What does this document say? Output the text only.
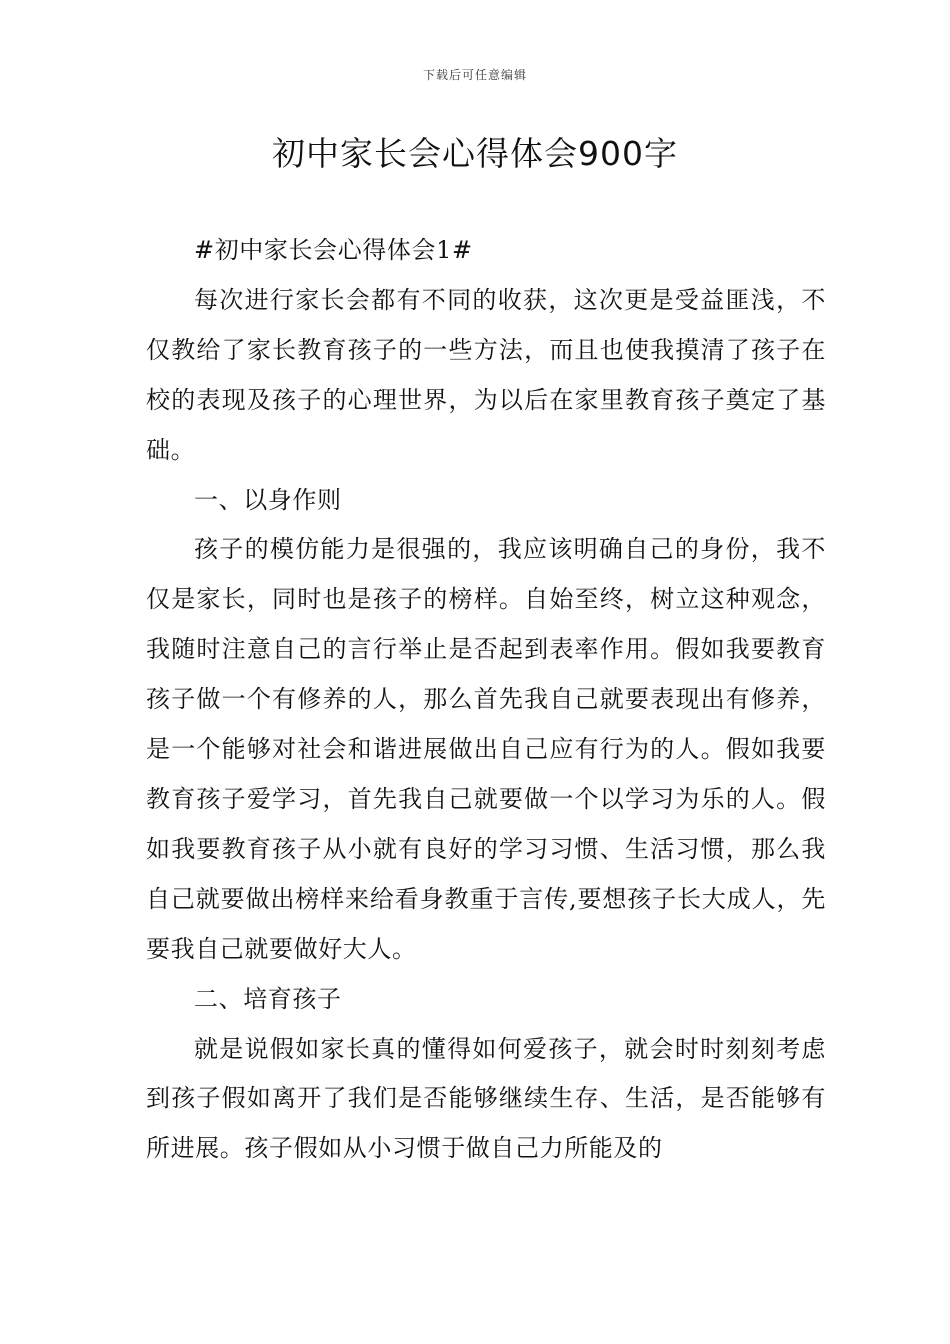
下载后可任意编辑
初中家长会心得体会900字

#初中家长会心得体会1#

每次进行家长会都有不同的收获，这次更是受益匪浅，不仅教给了家长教育孩子的一些方法，而且也使我摸清了孩子在校的表现及孩子的心理世界，为以后在家里教育孩子奠定了基础。

一、以身作则

孩子的模仿能力是很强的，我应该明确自己的身份，我不仅是家长，同时也是孩子的榜样。自始至终，树立这种观念，我随时注意自己的言行举止是否起到表率作用。假如我要教育孩子做一个有修养的人，那么首先我自己就要表现出有修养，是一个能够对社会和谐进展做出自己应有行为的人。假如我要教育孩子爱学习，首先我自己就要做一个以学习为乐的人。假如我要教育孩子从小就有良好的学习习惯、生活习惯，那么我自己就要做出榜样来给看身教重于言传,要想孩子长大成人，先要我自己就要做好大人。

二、培育孩子

就是说假如家长真的懂得如何爱孩子，就会时时刻刻考虑到孩子假如离开了我们是否能够继续生存、生活，是否能够有所进展。孩子假如从小习惯于做自己力所能及的
